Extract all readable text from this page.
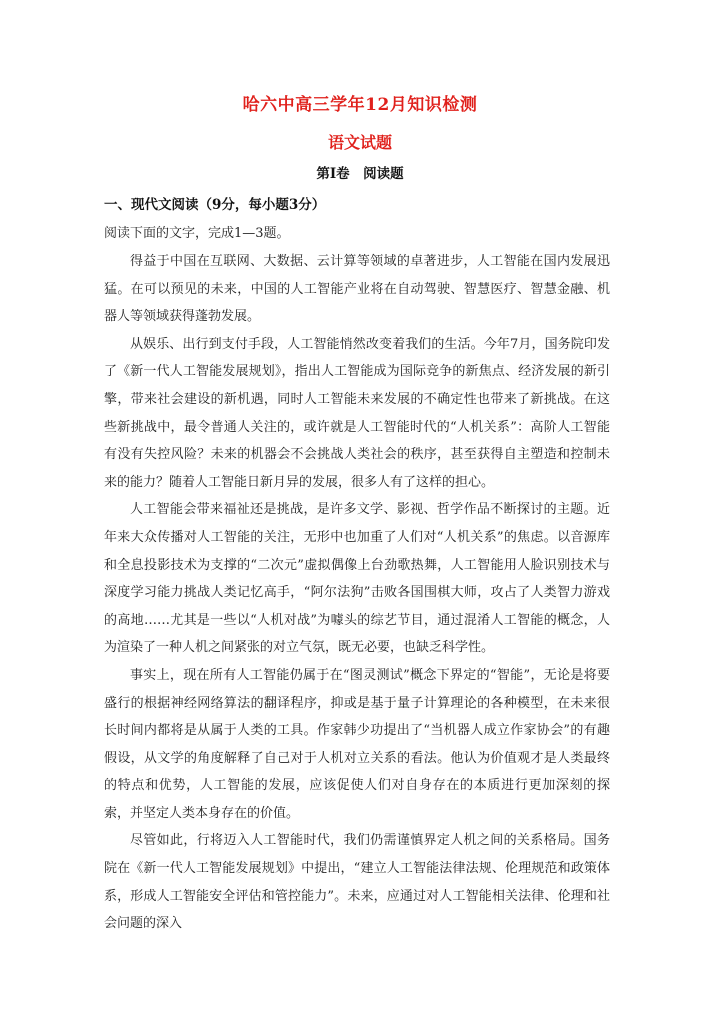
哈六中高三学年12月知识检测
语文试题
第Ⅰ卷　阅读题
一、现代文阅读（9分，每小题3分）
阅读下面的文字，完成1—3题。

得益于中国在互联网、大数据、云计算等领域的卓著进步，人工智能在国内发展迅猛。在可以预见的未来，中国的人工智能产业将在自动驾驶、智慧医疗、智慧金融、机器人等领域获得蓬勃发展。

从娱乐、出行到支付手段，人工智能悄然改变着我们的生活。今年7月，国务院印发了《新一代人工智能发展规划》，指出人工智能成为国际竞争的新焦点、经济发展的新引擎，带来社会建设的新机遇，同时人工智能未来发展的不确定性也带来了新挑战。在这些新挑战中，最令普通人关注的，或许就是人工智能时代的“人机关系”：高阶人工智能有没有失控风险？未来的机器会不会挑战人类社会的秩序，甚至获得自主塑造和控制未来的能力？随着人工智能日新月异的发展，很多人有了这样的担心。

人工智能会带来福祉还是挑战，是许多文学、影视、哲学作品不断探讨的主题。近年来大众传播对人工智能的关注，无形中也加重了人们对“人机关系”的焦虑。以音源库和全息投影技术为支撑的“二次元”虚拟偶像上台劲歌热舞，人工智能用人脸识别技术与深度学习能力挑战人类记忆高手，“阿尔法狗”击败各国围棋大师，攻占了人类智力游戏的高地……尤其是一些以“人机对战”为噱头的综艺节目，通过混淆人工智能的概念，人为渲染了一种人机之间紧张的对立气氛，既无必要，也缺乏科学性。

事实上，现在所有人工智能仍属于在“图灵测试”概念下界定的“智能”，无论是将要盛行的根据神经网络算法的翻译程序，抑或是基于量子计算理论的各种模型，在未来很长时间内都将是从属于人类的工具。作家韩少功提出了“当机器人成立作家协会”的有趣假设，从文学的角度解释了自己对于人机对立关系的看法。他认为价值观才是人类最终的特点和优势，人工智能的发展，应该促使人们对自身存在的本质进行更加深刻的探索，并坚定人类本身存在的价值。

尽管如此，行将迈入人工智能时代，我们仍需谨慎界定人机之间的关系格局。国务院在《新一代人工智能发展规划》中提出，“建立人工智能法律法规、伦理规范和政策体系，形成人工智能安全评估和管控能力”。未来，应通过对人工智能相关法律、伦理和社会问题的深入
